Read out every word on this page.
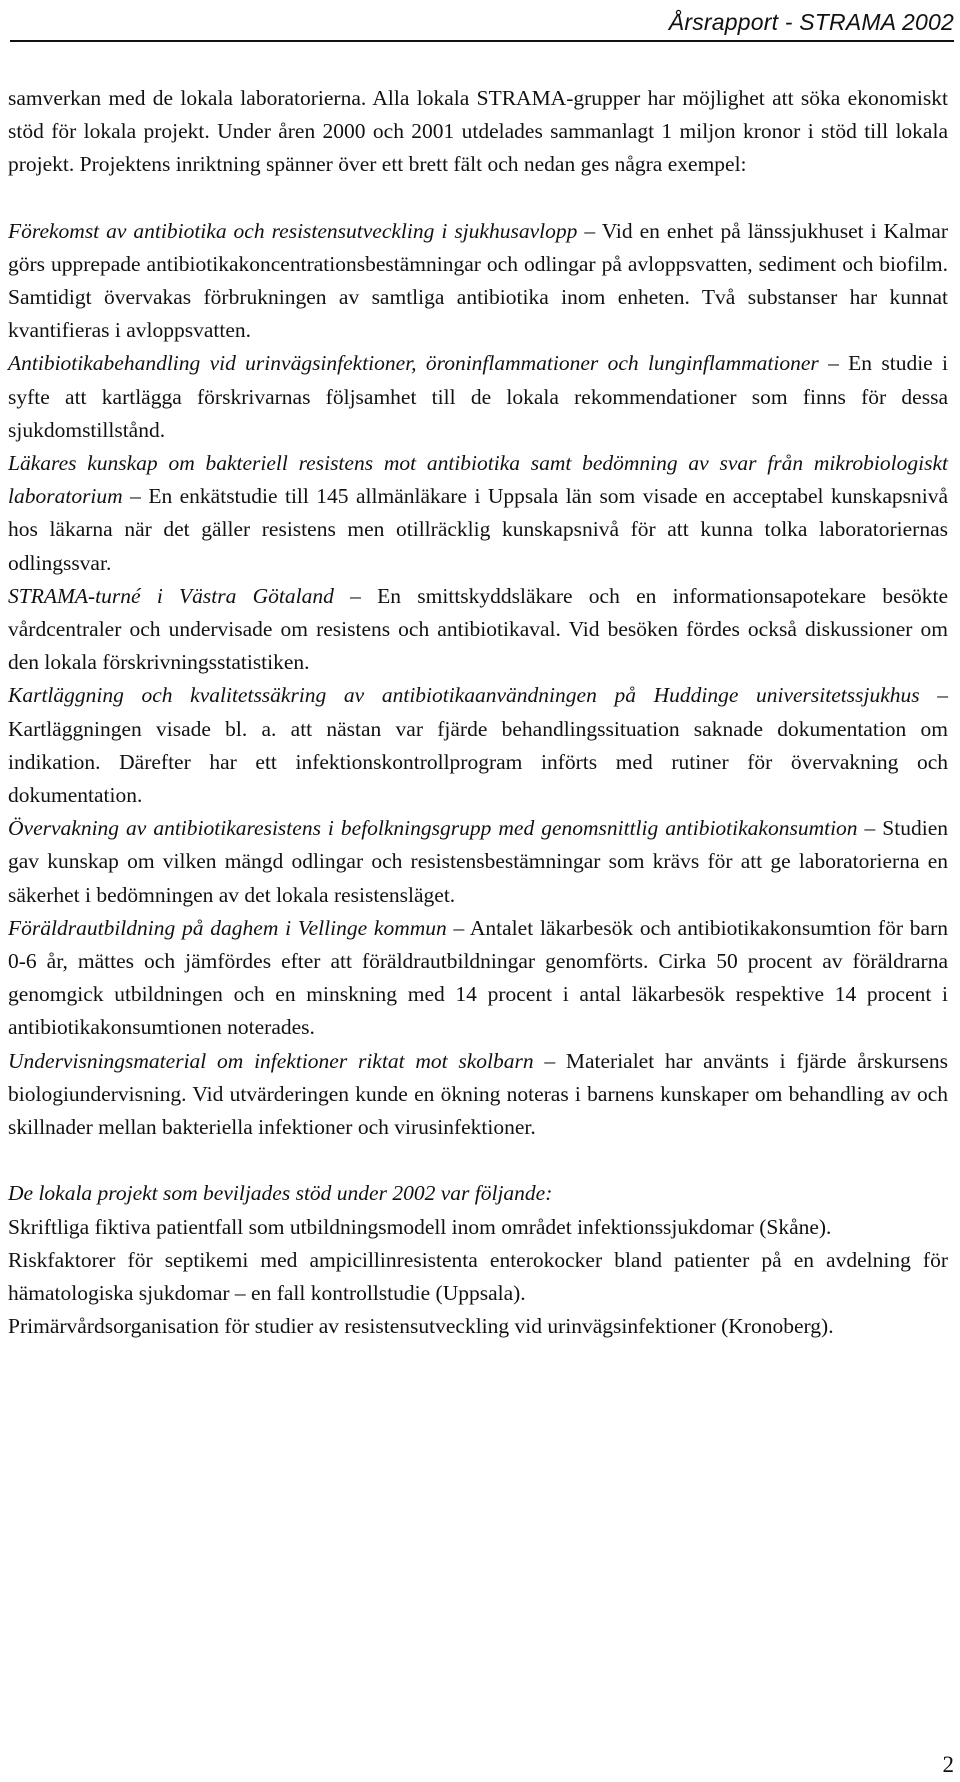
Årsrapport - STRAMA 2002

samverkan med de lokala laboratorierna. Alla lokala STRAMA-grupper har möjlighet att söka ekonomiskt stöd för lokala projekt. Under åren 2000 och 2001 utdelades sammanlagt 1 miljon kronor i stöd till lokala projekt. Projektens inriktning spänner över ett brett fält och nedan ges några exempel:

Förekomst av antibiotika och resistensutveckling i sjukhusavlopp – Vid en enhet på länssjukhuset i Kalmar görs upprepade antibiotikakoncentrationsbestämningar och odlingar på avloppsvatten, sediment och biofilm. Samtidigt övervakas förbrukningen av samtliga antibiotika inom enheten. Två substanser har kunnat kvantifieras i avloppsvatten.

Antibiotikabehandling vid urinvägsinfektioner, öroninflammationer och lunginflammationer – En studie i syfte att kartlägga förskrivarnas följsamhet till de lokala rekommendationer som finns för dessa sjukdomstillstånd.

Läkares kunskap om bakteriell resistens mot antibiotika samt bedömning av svar från mikrobiologiskt laboratorium – En enkätstudie till 145 allmänläkare i Uppsala län som visade en acceptabel kunskapsnivå hos läkarna när det gäller resistens men otillräcklig kunskapsnivå för att kunna tolka laboratoriernas odlingssvar.

STRAMA-turné i Västra Götaland – En smittskyddsläkare och en informationsapotekare besökte vårdcentraler och undervisade om resistens och antibiotikaval. Vid besöken fördes också diskussioner om den lokala förskrivningsstatistiken.

Kartläggning och kvalitetssäkring av antibiotikaanvändningen på Huddinge universitetssjukhus – Kartläggningen visade bl. a. att nästan var fjärde behandlingssituation saknade dokumentation om indikation. Därefter har ett infektionskontrollprogram införts med rutiner för övervakning och dokumentation.

Övervakning av antibiotikaresistens i befolkningsgrupp med genomsnittlig antibiotikakonsumtion – Studien gav kunskap om vilken mängd odlingar och resistensbestämningar som krävs för att ge laboratorierna en säkerhet i bedömningen av det lokala resistensläget.

Föräldrautbildning på daghem i Vellinge kommun – Antalet läkarbesök och antibiotikakonsumtion för barn 0-6 år, mättes och jämfördes efter att föräldrautbildningar genomförts. Cirka 50 procent av föräldrarna genomgick utbildningen och en minskning med 14 procent i antal läkarbesök respektive 14 procent i antibiotikakonsumtionen noterades.

Undervisningsmaterial om infektioner riktat mot skolbarn – Materialet har använts i fjärde årskursens biologiundervisning. Vid utvärderingen kunde en ökning noteras i barnens kunskaper om behandling av och skillnader mellan bakteriella infektioner och virusinfektioner.

De lokala projekt som beviljades stöd under 2002 var följande:

Skriftliga fiktiva patientfall som utbildningsmodell inom området infektionssjukdomar (Skåne).

Riskfaktorer för septikemi med ampicillinresistenta enterokocker bland patienter på en avdelning för hämatologiska sjukdomar – en fall kontrollstudie (Uppsala).

Primärvårdsorganisation för studier av resistensutveckling vid urinvägsinfektioner (Kronoberg).

2
